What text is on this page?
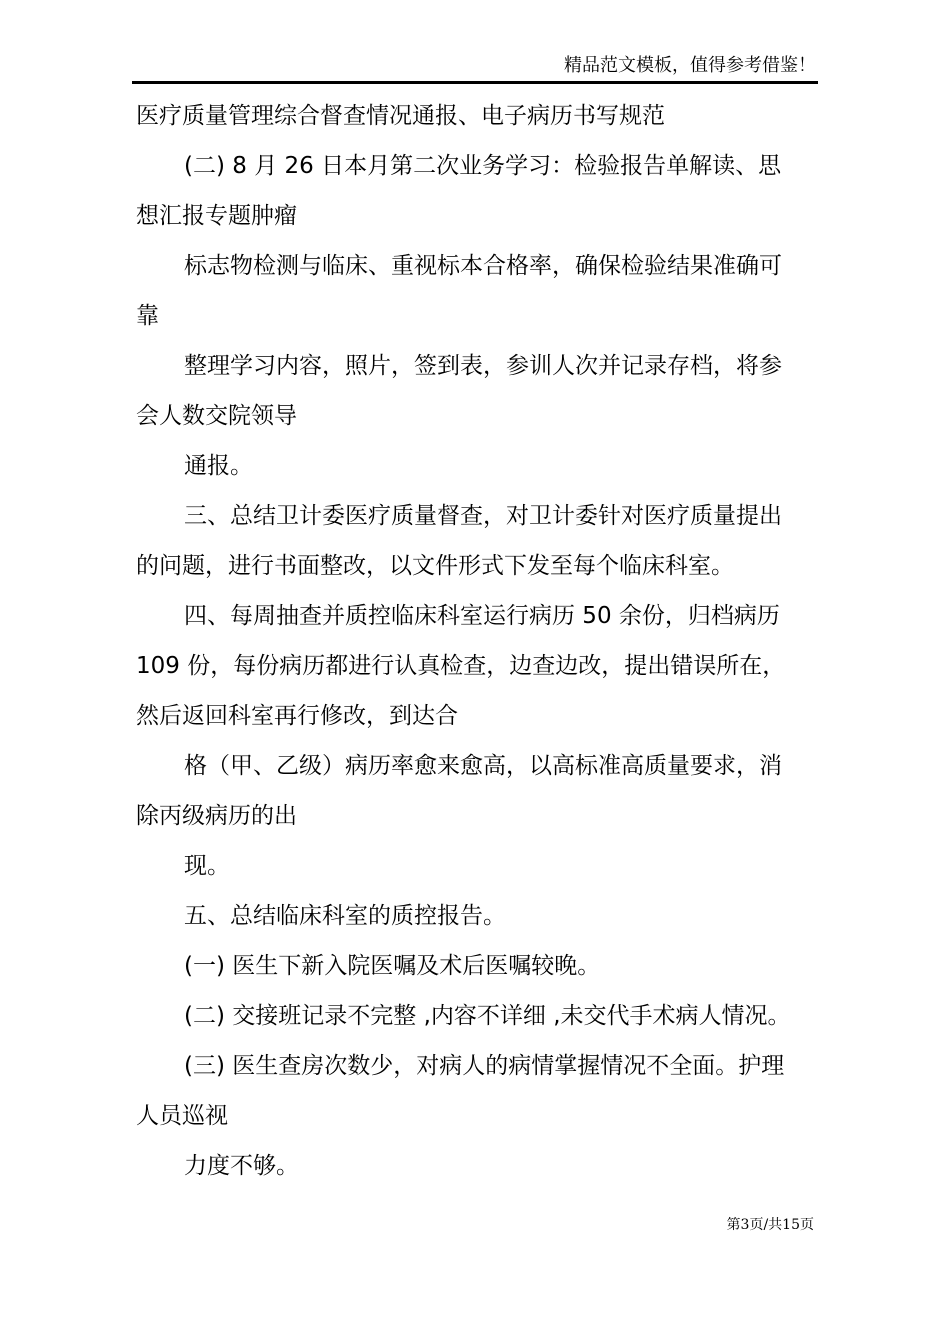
精品范文模板，值得参考借鉴！
医疗质量管理综合督查情况通报、电子病历书写规范
(二) 8 月 26 日本月第二次业务学习：检验报告单解读、思
想汇报专题肿瘤
标志物检测与临床、重视标本合格率，确保检验结果准确可
靠
整理学习内容，照片，签到表，参训人次并记录存档，将参
会人数交院领导
通报。
三、总结卫计委医疗质量督查，对卫计委针对医疗质量提出
的问题，进行书面整改，以文件形式下发至每个临床科室。
四、每周抽查并质控临床科室运行病历 50 余份，归档病历
109 份，每份病历都进行认真检查，边查边改，提出错误所在，
然后返回科室再行修改，到达合
格（甲、乙级）病历率愈来愈高，以高标准高质量要求，消
除丙级病历的出
现。
五、总结临床科室的质控报告。
(一) 医生下新入院医嘱及术后医嘱较晚。
(二) 交接班记录不完整 ,内容不详细 ,未交代手术病人情况。
(三) 医生查房次数少，对病人的病情掌握情况不全面。护理
人员巡视
力度不够。
第3页/共15页
